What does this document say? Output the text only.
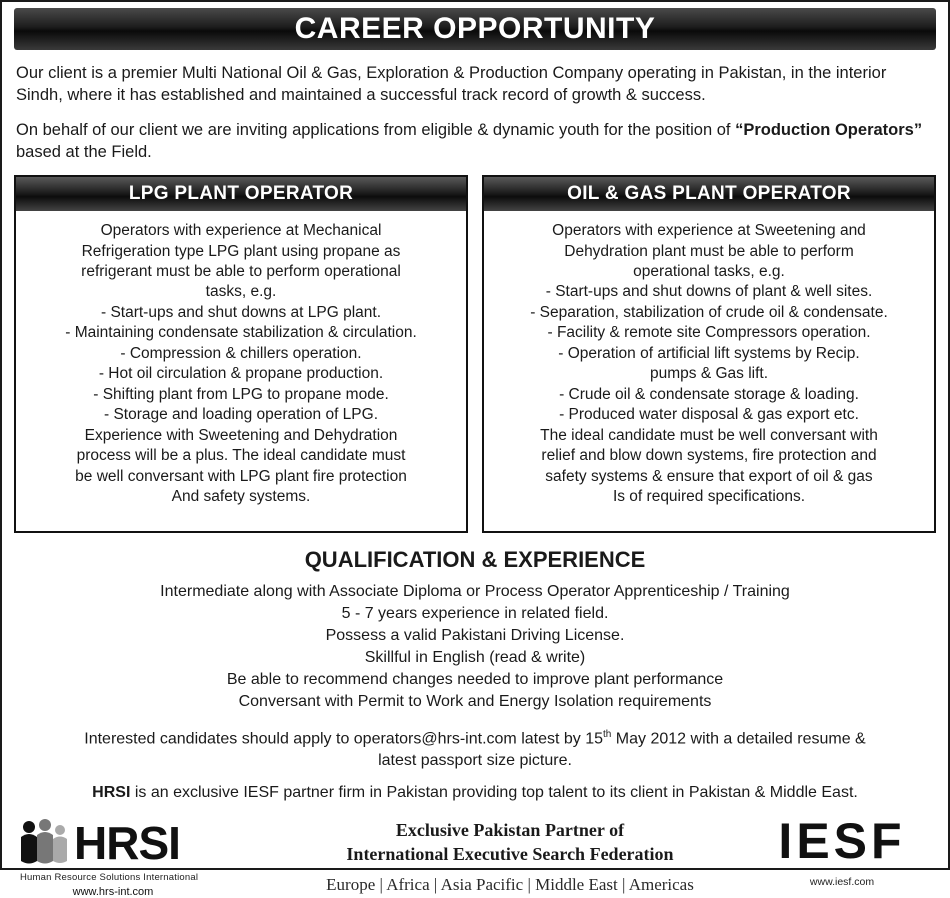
CAREER OPPORTUNITY

Our client is a premier Multi National Oil & Gas, Exploration & Production Company operating in Pakistan, in the interior Sindh, where it has established and maintained a successful track record of growth & success.

On behalf of our client we are inviting applications from eligible & dynamic youth for the position of “Production Operators” based at the Field.

LPG PLANT OPERATOR
Operators with experience at Mechanical
Refrigeration type LPG plant using propane as
refrigerant must be able to perform operational
tasks, e.g.
- Start-ups and shut downs at LPG plant.
- Maintaining condensate stabilization & circulation.
- Compression & chillers operation.
- Hot oil circulation & propane production.
- Shifting plant from LPG to propane mode.
- Storage and loading operation of LPG.
Experience with Sweetening and Dehydration
process will be a plus. The ideal candidate must
be well conversant with LPG plant fire protection
And safety systems.
OIL & GAS PLANT OPERATOR
Operators with experience at Sweetening and
Dehydration plant must be able to perform
operational tasks, e.g.
- Start-ups and shut downs of plant & well sites.
- Separation, stabilization of crude oil & condensate.
- Facility & remote site Compressors operation.
- Operation of artificial lift systems by Recip.
pumps & Gas lift.
- Crude oil & condensate storage & loading.
- Produced water disposal & gas export etc.
The ideal candidate must be well conversant with
relief and blow down systems, fire protection and
safety systems & ensure that export of oil & gas
Is of required specifications.
QUALIFICATION & EXPERIENCE
Intermediate along with Associate Diploma or Process Operator Apprenticeship / Training
5 - 7 years experience in related field.
Possess a valid Pakistani Driving License.
Skillful in English (read & write)
Be able to recommend changes needed to improve plant performance
Conversant with Permit to Work and Energy Isolation requirements
Interested candidates should apply to operators@hrs-int.com latest by 15th May 2012 with a detailed resume &
latest passport size picture.
HRSI is an exclusive IESF partner firm in Pakistan providing top talent to its client in Pakistan & Middle East.
HRSI
Human Resource Solutions International
www.hrs-int.com
Exclusive Pakistan Partner of
International Executive Search Federation
Europe | Africa | Asia Pacific | Middle East | Americas
IESF
www.iesf.com
